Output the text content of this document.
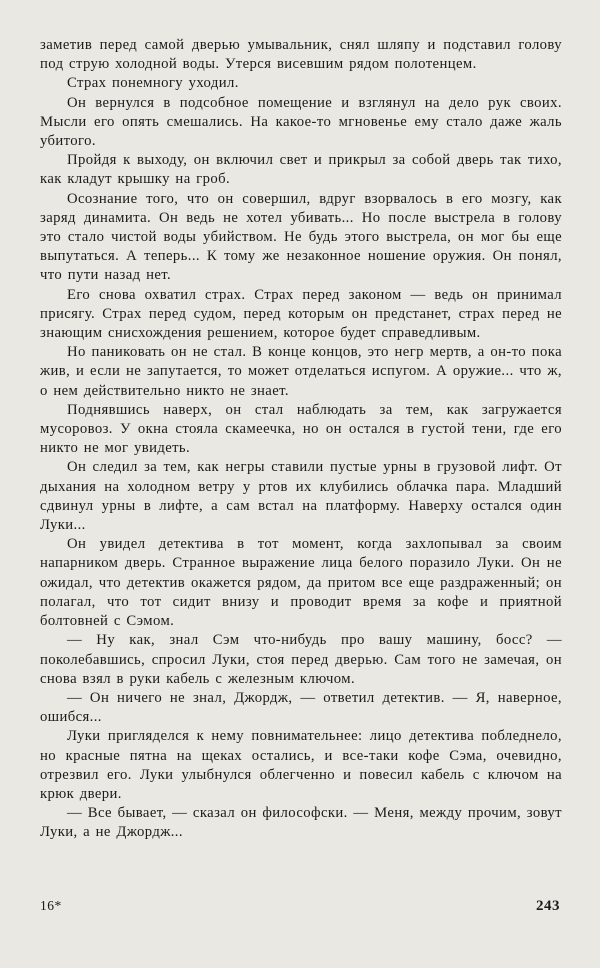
заметив перед самой дверью умывальник, снял шляпу и подставил голову под струю холодной воды. Утерся висевшим рядом полотенцем.

Страх понемногу уходил.

Он вернулся в подсобное помещение и взглянул на дело рук своих. Мысли его опять смешались. На какое-то мгновенье ему стало даже жаль убитого.

Пройдя к выходу, он включил свет и прикрыл за собой дверь так тихо, как кладут крышку на гроб.

Осознание того, что он совершил, вдруг взорвалось в его мозгу, как заряд динамита. Он ведь не хотел убивать... Но после выстрела в голову это стало чистой воды убийством. Не будь этого выстрела, он мог бы еще выпутаться. А теперь... К тому же незаконное ношение оружия. Он понял, что пути назад нет.

Его снова охватил страх. Страх перед законом — ведь он принимал присягу. Страх перед судом, перед которым он предстанет, страх перед не знающим снисхождения решением, которое будет справедливым.

Но паниковать он не стал. В конце концов, это негр мертв, а он-то пока жив, и если не запутается, то может отделаться испугом. А оружие... что ж, о нем действительно никто не знает.

Поднявшись наверх, он стал наблюдать за тем, как загружается мусоровоз. У окна стояла скамеечка, но он остался в густой тени, где его никто не мог увидеть.

Он следил за тем, как негры ставили пустые урны в грузовой лифт. От дыхания на холодном ветру у ртов их клубились облачка пара. Младший сдвинул урны в лифте, а сам встал на платформу. Наверху остался один Луки...

Он увидел детектива в тот момент, когда захлопывал за своим напарником дверь. Странное выражение лица белого поразило Луки. Он не ожидал, что детектив окажется рядом, да притом все еще раздраженный; он полагал, что тот сидит внизу и проводит время за кофе и приятной болтовней с Сэмом.

— Ну как, знал Сэм что-нибудь про вашу машину, босс? — поколебавшись, спросил Луки, стоя перед дверью. Сам того не замечая, он снова взял в руки кабель с железным ключом.

— Он ничего не знал, Джордж, — ответил детектив. — Я, наверное, ошибся...

Луки пригляделся к нему повнимательнее: лицо детектива побледнело, но красные пятна на щеках остались, и все-таки кофе Сэма, очевидно, отрезвил его. Луки улыбнулся облегченно и повесил кабель с ключом на крюк двери.

— Все бывает, — сказал он философски. — Меня, между прочим, зовут Луки, а не Джордж...

16*	243
